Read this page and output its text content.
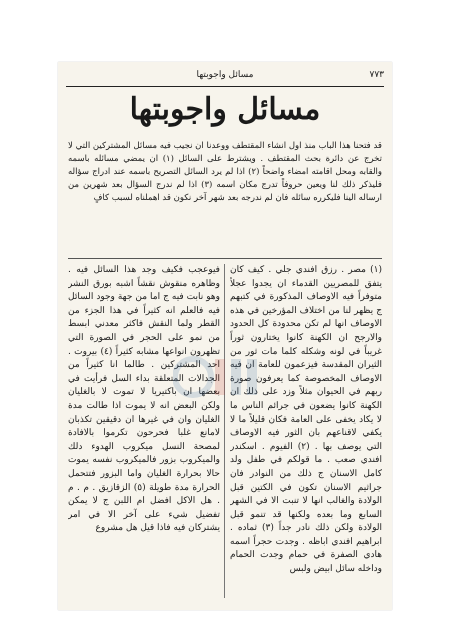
٧٧٣
مسائل واجوبتها
مسائل واجوبتها
قد فتحنا هذا الباب منذ اول انشاء المقتطف ووعدنا ان نجيب فيه مسائل المشتركين التي لا تخرج عن دائرة بحث المقتطف . ويشترط على السائل (١) ان يمضي مسائله باسمه والقابه ومحل اقامته امضاء واضحاً (٢) اذا لم يرد السائل التصريح باسمه عند ادراج سؤاله فليذكر ذلك لنا ويعين حروفاً تدرج مكان اسمه (٣) اذا لم ندرج السؤال بعد شهرين من ارساله الينا فليكرره سائله فان لم ندرجه بعد شهر آخر نكون قد اهملناه لسبب كافٍ

(١) مصر . رزق افندي جلي . كيف كان يتفق للمصريين القدماء ان يجدوا عجلاً متوفراً فيه الاوصاف المذكورة في كتبهم ج يظهر لنا من اختلاف المؤرخين في هذه الاوصاف انها لم تكن محدودة كل الحدود والارجح ان الكهنة كانوا يختارون ثوراً غريباً في لونه وشكله كلما مات ثور من الثيران المقدسة فيزعمون للعامة ان فيه الاوصاف المخصوصة كما يعرفون صورة ربهم في الحيوان مثلاً وزد على ذلك ان الكهنة كانوا يضعون في جرائم الناس ما لا يكاد يخفى على العامة فكان قليلاً ما لا يكفي لاقناعهم بان الثور فيه الاوصاف التي يوصف بها . (٢) الفيوم . اسكندر افندي صعب . ما قولكم في طفل ولد كامل الاسنان ج ذلك من النوادر فان جراثيم الاسنان تكون في الكتين قبل الولادة والغالب انها لا تنبت الا في الشهر السابع وما بعده ولكنها قد تنمو قبل الولادة ولكن ذلك نادر جداً (٣) ثماده . ابراهيم افندي اباظه . وجدت حجراً اسمه هادي الصفرة في حمام وجدت الحمام وداخله سائل ابيض ولبس

فيوعجب فكيف وجد هذا السائل فيه . وظاهره منقوش نقشاً اشبه بورق النشر وهو نابت فيه ج اما من جهة وجود السائل فيه فالعلم انه كثيراً في هذا الجزء من القطر ولما النقش فاكثر معدني ابسط من نمو على الحجر في الصورة التي تظهرون انواعها مشابه كثيراً (٤) بيروت . احد المشتركين . طالما انا كثيراً من الجدالات المتعلقة بداء السل فرأيت في بعضها ان باكتيريا لا تموت لا بالغليان ولكن البعض انه لا يموت اذا طالت مدة الغليان وان في غيرها ان دقيقين تكذبان لامانع غلبا فحرحون تكرموا بالافادة لمصحة النسل ميكروب الهدوء دلك والميكروب بزور فالميكروب نفسه يموت حالا بحرارة الغليان واما البزور فتتحمل الحرارة مدة طويلة (٥) الزقازيق . م . م . هل الاكل افضل ام اللبن ج لا يمكن تفضيل شيء على آخر الا في امر يشتركان فيه فاذا قيل هل مشروع
